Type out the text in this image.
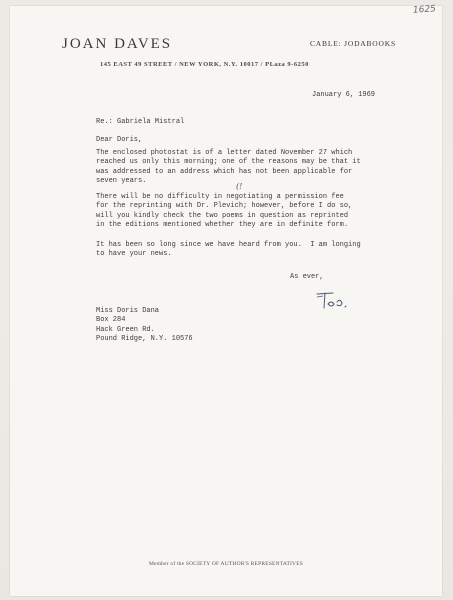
1625
JOAN DAVES	CABLE: JODABOOKS
145 EAST 49 STREET / NEW YORK, N.Y. 10017 / PLaza 9-6250
January 6, 1969
Re.: Gabriela Mistral
Dear Doris,

The enclosed photostat is of a letter dated November 27 which
reached us only this morning; one of the reasons may be that it
was addressed to an address which has not been applicable for
seven years.

(!

There will be no difficulty in negotiating a permission fee
for the reprinting with Dr. Plevich; however, before I do so,
will you kindly check the two poems in question as reprinted
in the editions mentioned whether they are in definite form.

It has been so long since we have heard from you.  I am longing
to have your news.

As ever,
Miss Doris Dana
Box 284
Hack Green Rd.
Pound Ridge, N.Y. 10576
Member of the SOCIETY OF AUTHOR'S REPRESENTATIVES
